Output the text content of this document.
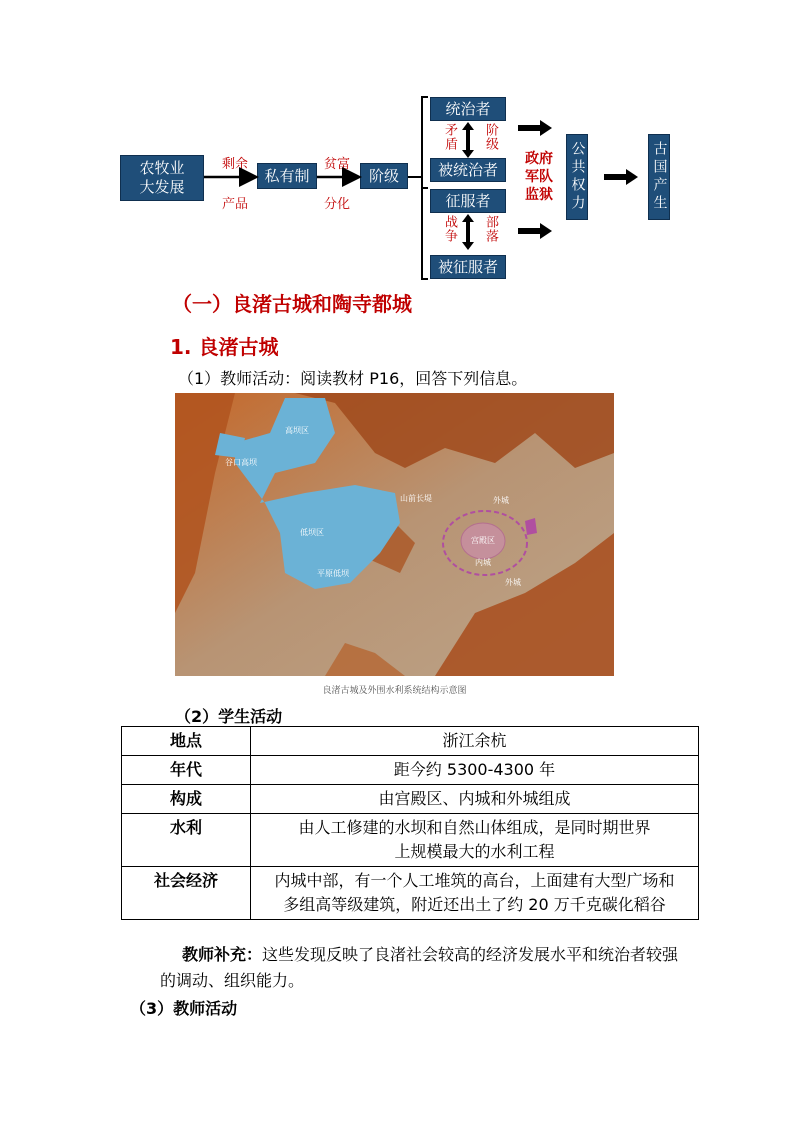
农牧业
大发展
剩余
产品
私有制
贫富
分化
阶级
统治者
矛盾 阶级
被统治者
征服者
战争 部落
被征服者
政府
军队
监狱	公共权力	古国产生
（一）良渚古城和陶寺都城
1. 良渚古城
（1）教师活动：阅读教材 P16，回答下列信息。
高坝区
谷口高坝
山前长堤	外城
低坝区
宫殿区
内城
平原低坝
外城
良渚古城及外围水利系统结构示意图
（2）学生活动
地点	浙江余杭
年代	距今约 5300-4300 年
构成	由宫殿区、内城和外城组成
水利	由人工修建的水坝和自然山体组成，是同时期世界上规模最大的水利工程
社会经济	内城中部，有一个人工堆筑的高台，上面建有大型广场和多组高等级建筑，附近还出土了约 20 万千克碳化稻谷
教师补充：这些发现反映了良渚社会较高的经济发展水平和统治者较强的调动、组织能力。
（3）教师活动
